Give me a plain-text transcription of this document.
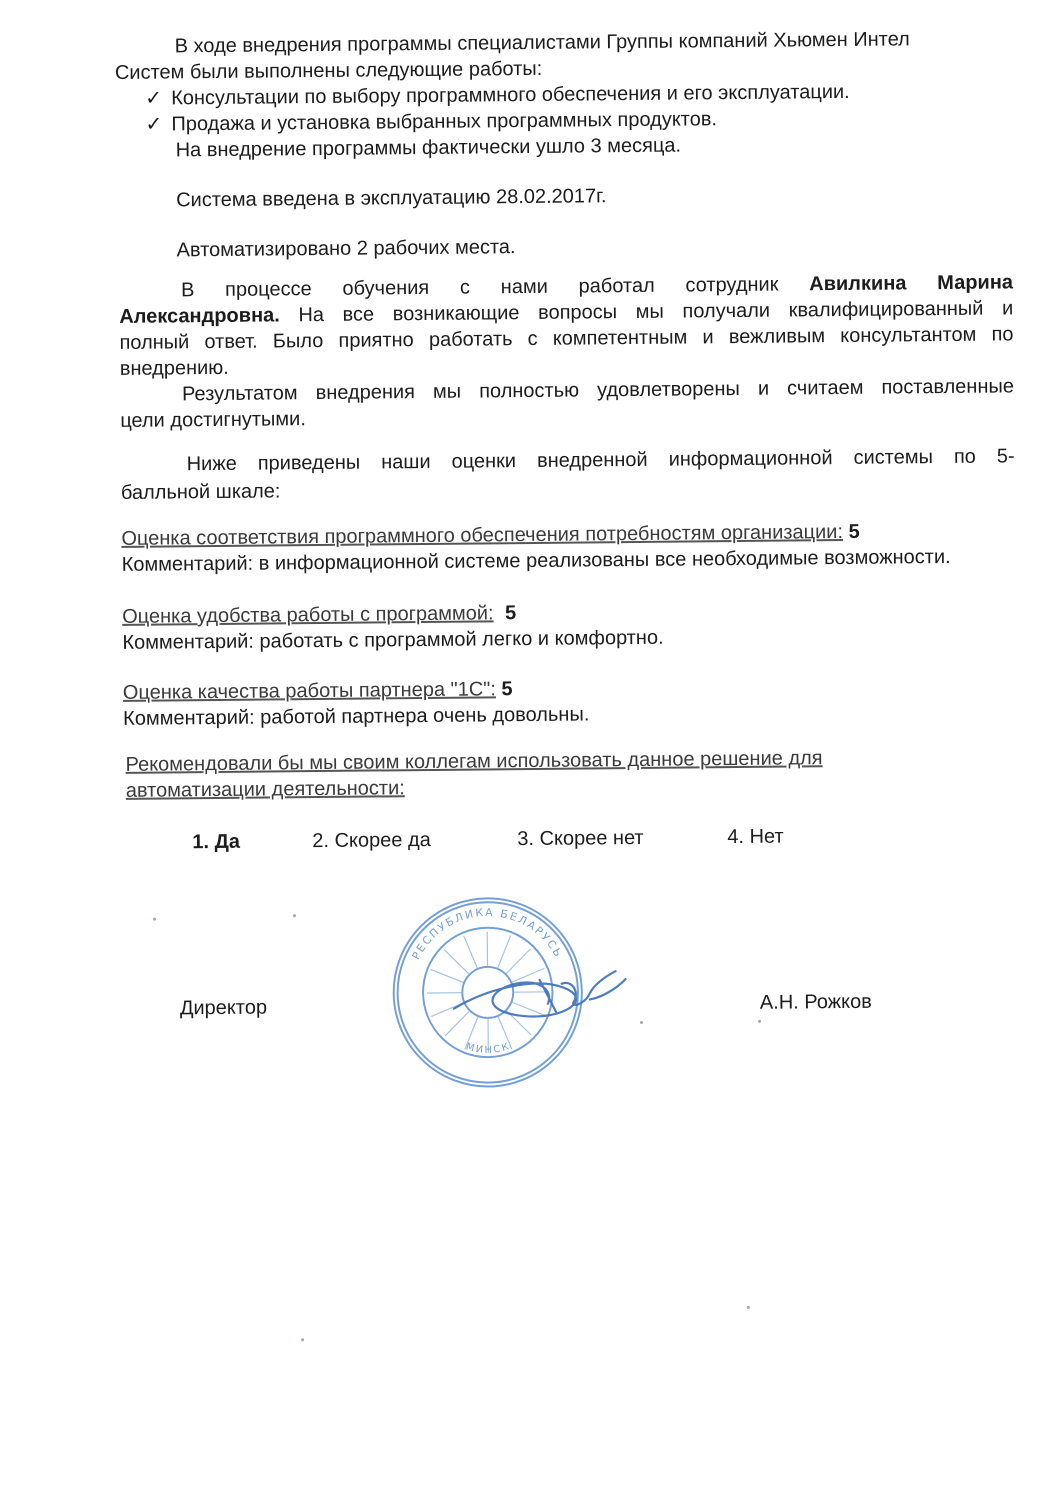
В ходе внедрения программы специалистами Группы компаний Хьюмен Интел
Систем были выполнены следующие работы:
✓ Консультации по выбору программного обеспечения и его эксплуатации.
✓ Продажа и установка выбранных программных продуктов.
На внедрение программы фактически ушло 3 месяца.
Система введена в эксплуатацию 28.02.2017г.
Автоматизировано 2 рабочих места.
В процессе обучения с нами работал сотрудник Авилкина Марина
Александровна. На все возникающие вопросы мы получали квалифицированный и
полный ответ. Было приятно работать с компетентным и вежливым консультантом по
внедрению.
Результатом внедрения мы полностью удовлетворены и считаем поставленные
цели достигнутыми.
Ниже приведены наши оценки внедренной информационной системы по 5-
балльной шкале:
Оценка соответствия программного обеспечения потребностям организации: 5
Комментарий: в информационной системе реализованы все необходимые возможности.
Оценка удобства работы с программой: 5
Комментарий: работать с программой легко и комфортно.
Оценка качества работы партнера "1С": 5
Комментарий: работой партнера очень довольны.
Рекомендовали бы мы своим коллегам использовать данное решение для
автоматизации деятельности:
1. Да	2. Скорее да	3. Скорее нет	4. Нет
Директор	А.Н. Рожков
РЕСПУБЛИКА БЕЛАРУСЬ
МИНСК
